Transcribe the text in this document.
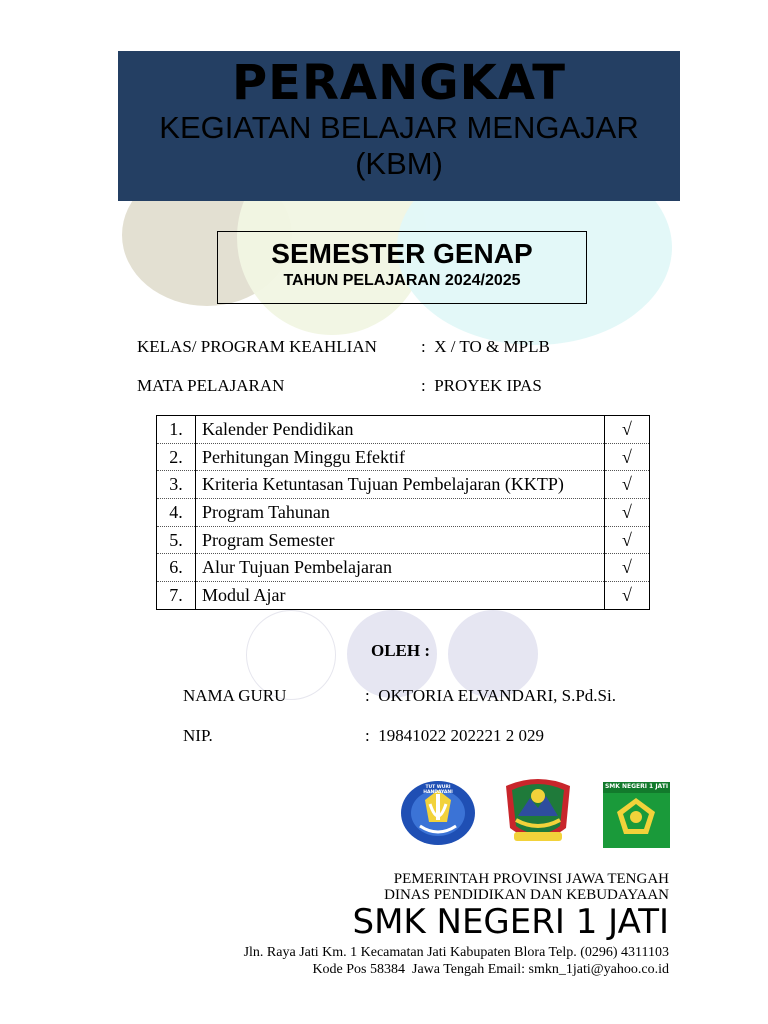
PERANGKAT
KEGIATAN BELAJAR MENGAJAR
(KBM)
SEMESTER GENAP
TAHUN PELAJARAN 2024/2025
KELAS/ PROGRAM KEAHLIAN	:  X / TO & MPLB
MATA PELAJARAN	:  PROYEK IPAS
1.	Kalender Pendidikan	√
2.	Perhitungan Minggu Efektif	√
3.	Kriteria Ketuntasan Tujuan Pembelajaran (KKTP)	√
4.	Program Tahunan	√
5.	Program Semester	√
6.	Alur Tujuan Pembelajaran	√
7.	Modul Ajar	√
OLEH :
NAMA GURU	:  OKTORIA ELVANDARI, S.Pd.Si.
NIP.	:  19841022 202221 2 029
TUT WURI HANDAYANI
SMK NEGERI 1 JATI
PEMERINTAH PROVINSI JAWA TENGAH
DINAS PENDIDIKAN DAN KEBUDAYAAN
SMK NEGERI 1 JATI
Jln. Raya Jati Km. 1 Kecamatan Jati Kabupaten Blora Telp. (0296) 4311103
Kode Pos 58384  Jawa Tengah Email: smkn_1jati@yahoo.co.id
